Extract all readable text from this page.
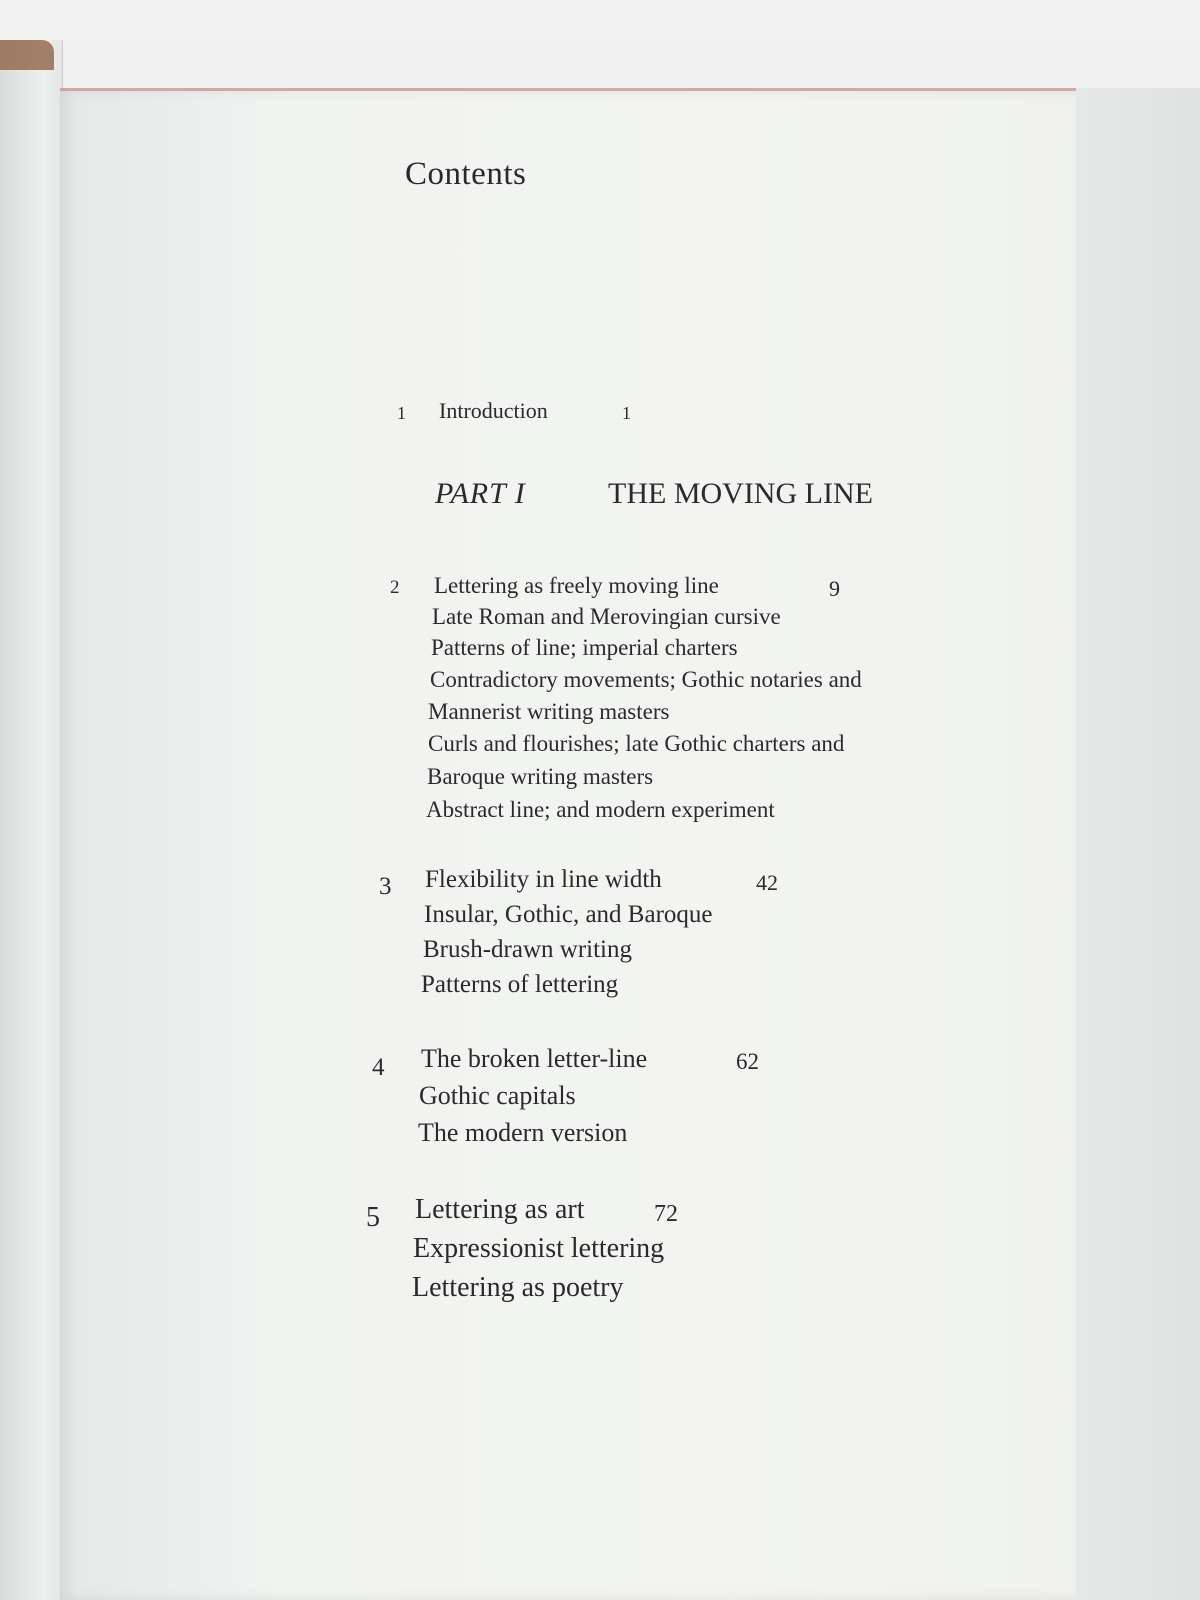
Contents
1 Introduction	1
PART I	THE MOVING LINE
2 Lettering as freely moving line	9
Late Roman and Merovingian cursive
Patterns of line; imperial charters
Contradictory movements; Gothic notaries and
Mannerist writing masters
Curls and flourishes; late Gothic charters and
Baroque writing masters
Abstract line; and modern experiment
3 Flexibility in line width	42
Insular, Gothic, and Baroque
Brush-drawn writing
Patterns of lettering
4 The broken letter-line	62
Gothic capitals
The modern version
5 Lettering as art	72
Expressionist lettering
Lettering as poetry
